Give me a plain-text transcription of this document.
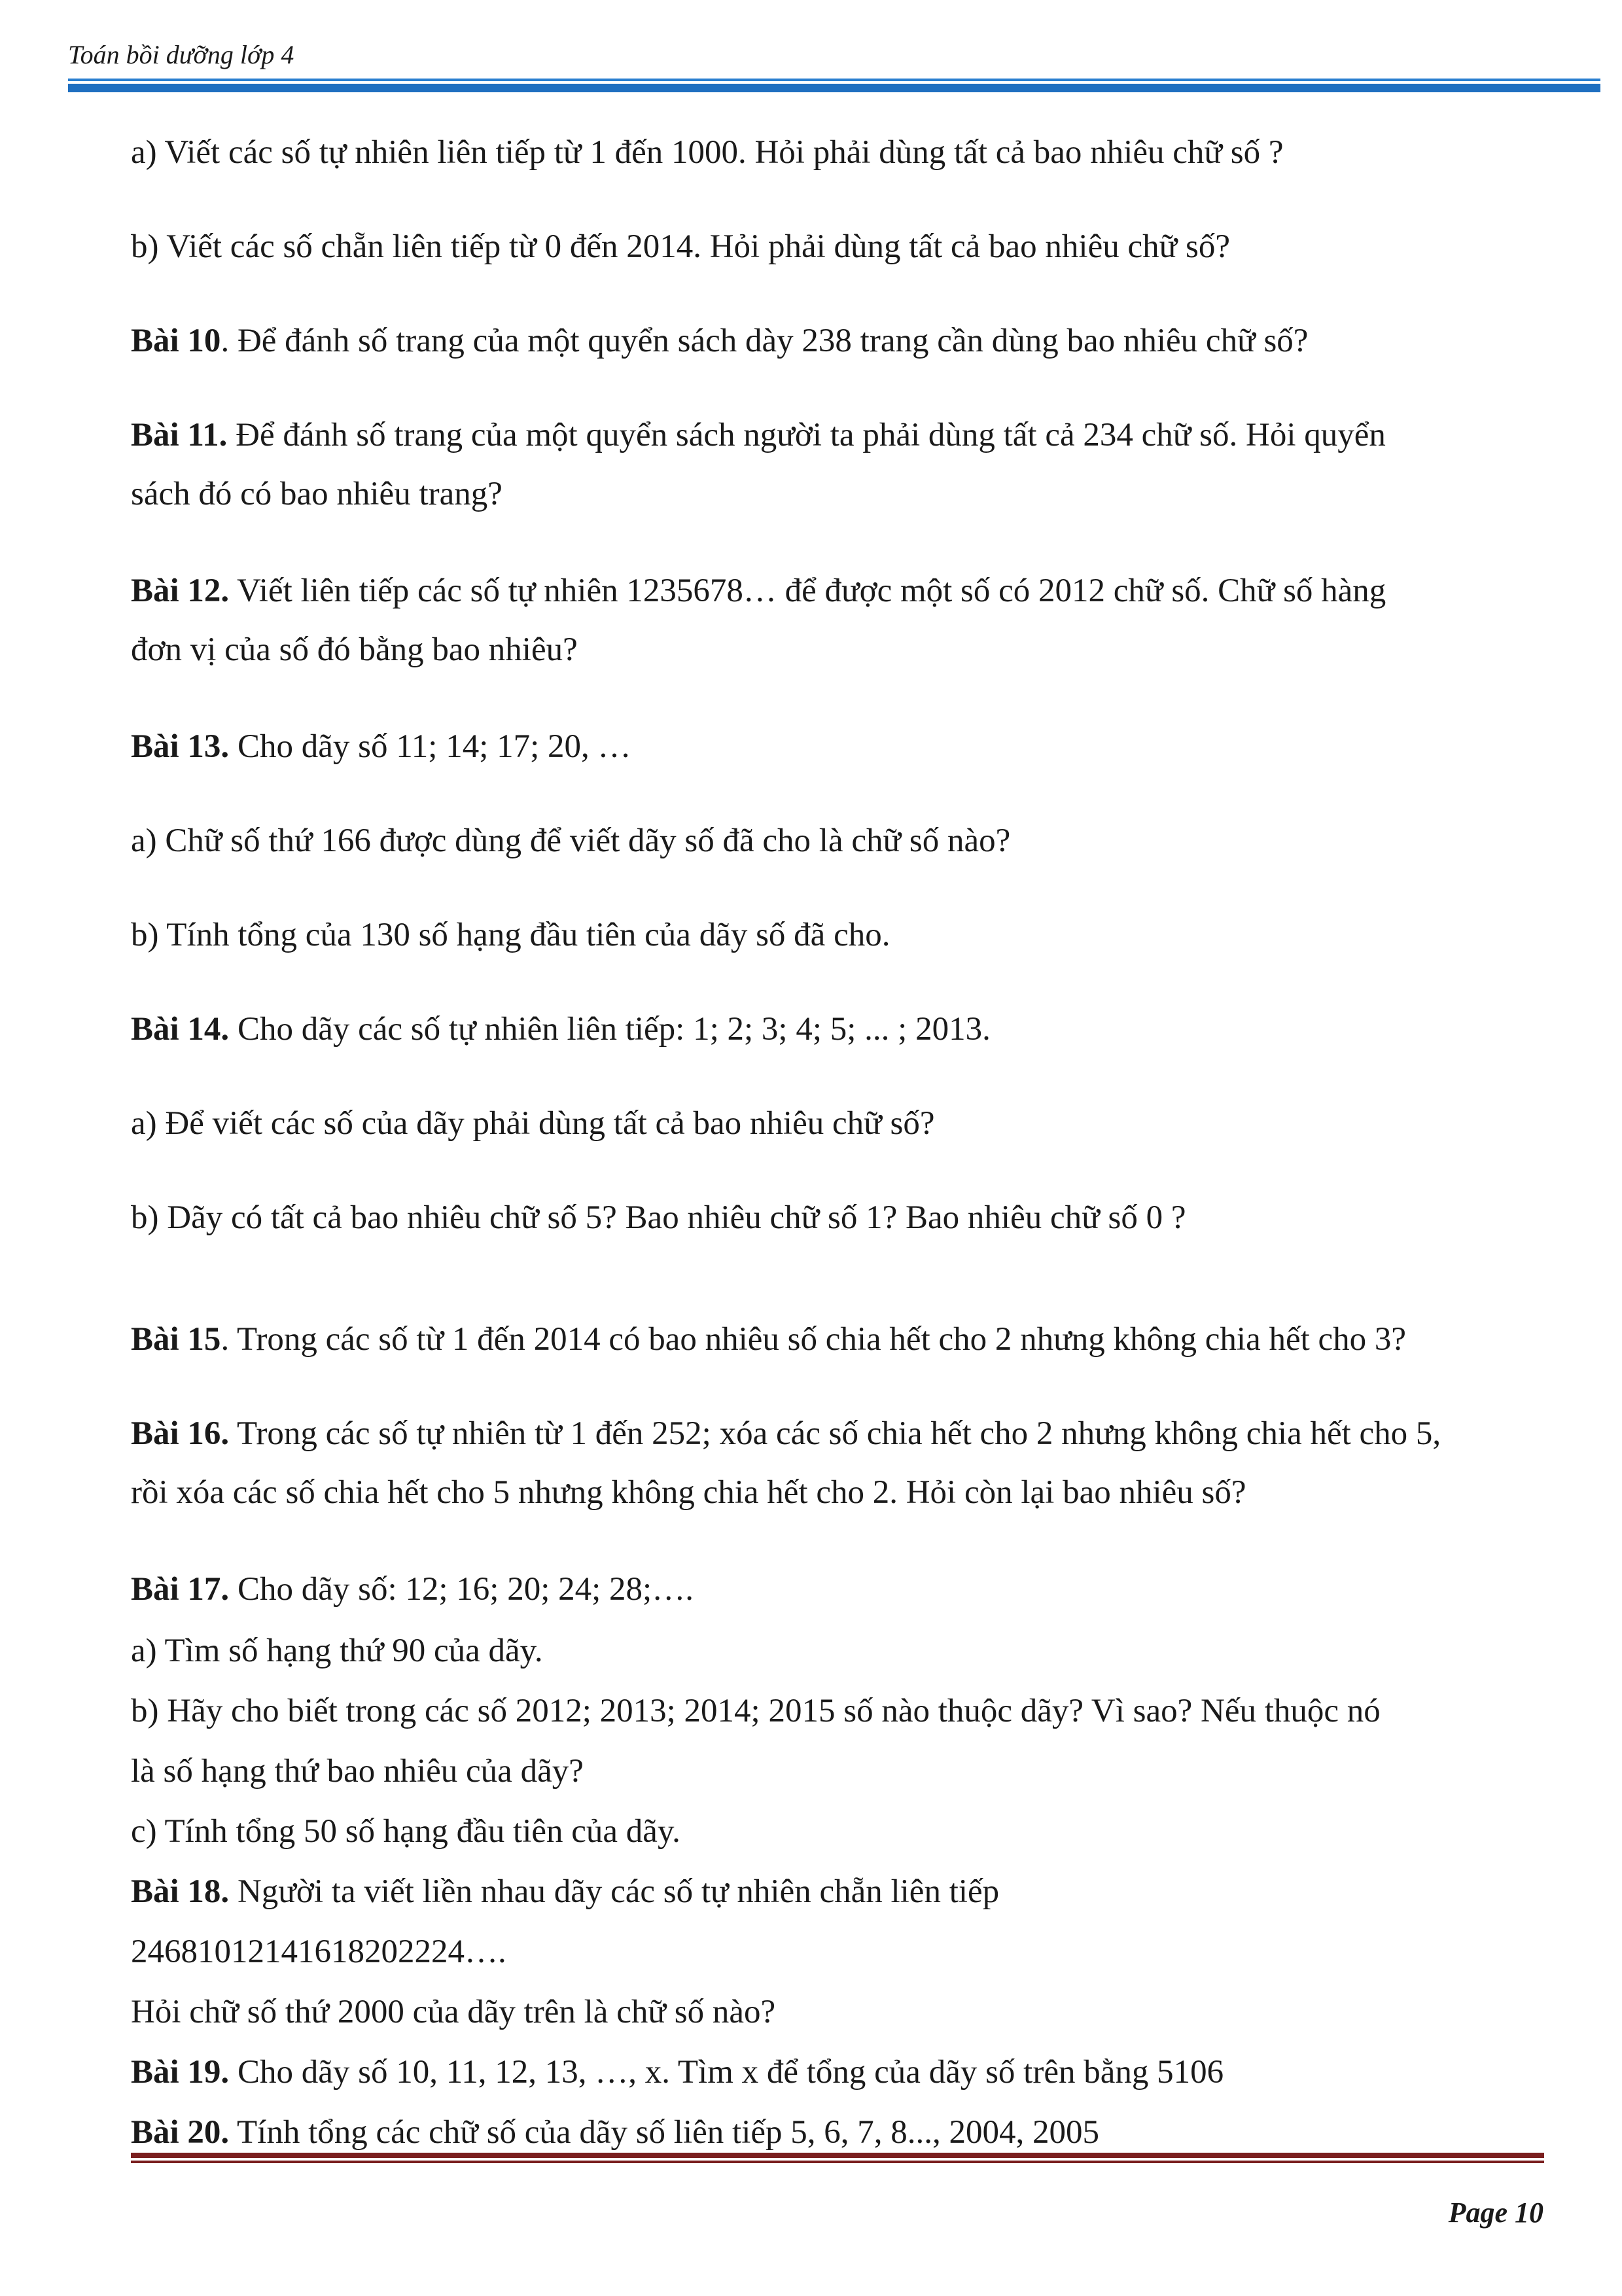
Toán bồi dưỡng lớp 4
a) Viết các số tự nhiên liên tiếp từ 1 đến 1000. Hỏi phải dùng tất cả bao nhiêu chữ số ?
b) Viết các số chẵn liên tiếp từ 0 đến 2014. Hỏi phải dùng tất cả bao nhiêu chữ số?
Bài 10. Để đánh số trang của một quyển sách dày 238 trang cần dùng bao nhiêu chữ số?
Bài 11. Để đánh số trang của một quyển sách người ta phải dùng tất cả 234 chữ số. Hỏi quyển
sách đó có bao nhiêu trang?
Bài 12. Viết liên tiếp các số tự nhiên 1235678… để được một số có 2012 chữ số. Chữ số hàng
đơn vị của số đó bằng bao nhiêu?
Bài 13. Cho dãy số 11; 14; 17; 20, …
a) Chữ số thứ 166 được dùng để viết dãy số đã cho là chữ số nào?
b) Tính tổng của 130 số hạng đầu tiên của dãy số đã cho.
Bài 14. Cho dãy các số tự nhiên liên tiếp: 1; 2; 3; 4; 5; ... ; 2013.
a) Để viết các số của dãy phải dùng tất cả bao nhiêu chữ số?
b) Dãy có tất cả bao nhiêu chữ số 5? Bao nhiêu chữ số 1? Bao nhiêu chữ số 0 ?
Bài 15. Trong các số từ 1 đến 2014 có bao nhiêu số chia hết cho 2 nhưng không chia hết cho 3?
Bài 16. Trong các số tự nhiên từ 1 đến 252; xóa các số chia hết cho 2 nhưng không chia hết cho 5,
rồi xóa các số chia hết cho 5 nhưng không chia hết cho 2. Hỏi còn lại bao nhiêu số?
Bài 17. Cho dãy số: 12; 16; 20; 24; 28;….
a) Tìm số hạng thứ 90 của dãy.
b) Hãy cho biết trong các số 2012; 2013; 2014; 2015 số nào thuộc dãy? Vì sao? Nếu thuộc nó
là số hạng thứ bao nhiêu của dãy?
c) Tính tổng 50 số hạng đầu tiên của dãy.
Bài 18. Người ta viết liền nhau dãy các số tự nhiên chẵn liên tiếp
24681012141618202224….
Hỏi chữ số thứ 2000 của dãy trên là chữ số nào?
Bài 19. Cho dãy số 10, 11, 12, 13, …, x. Tìm x để tổng của dãy số trên bằng 5106
Bài 20. Tính tổng các chữ số của dãy số liên tiếp 5, 6, 7, 8..., 2004, 2005
Page 10
